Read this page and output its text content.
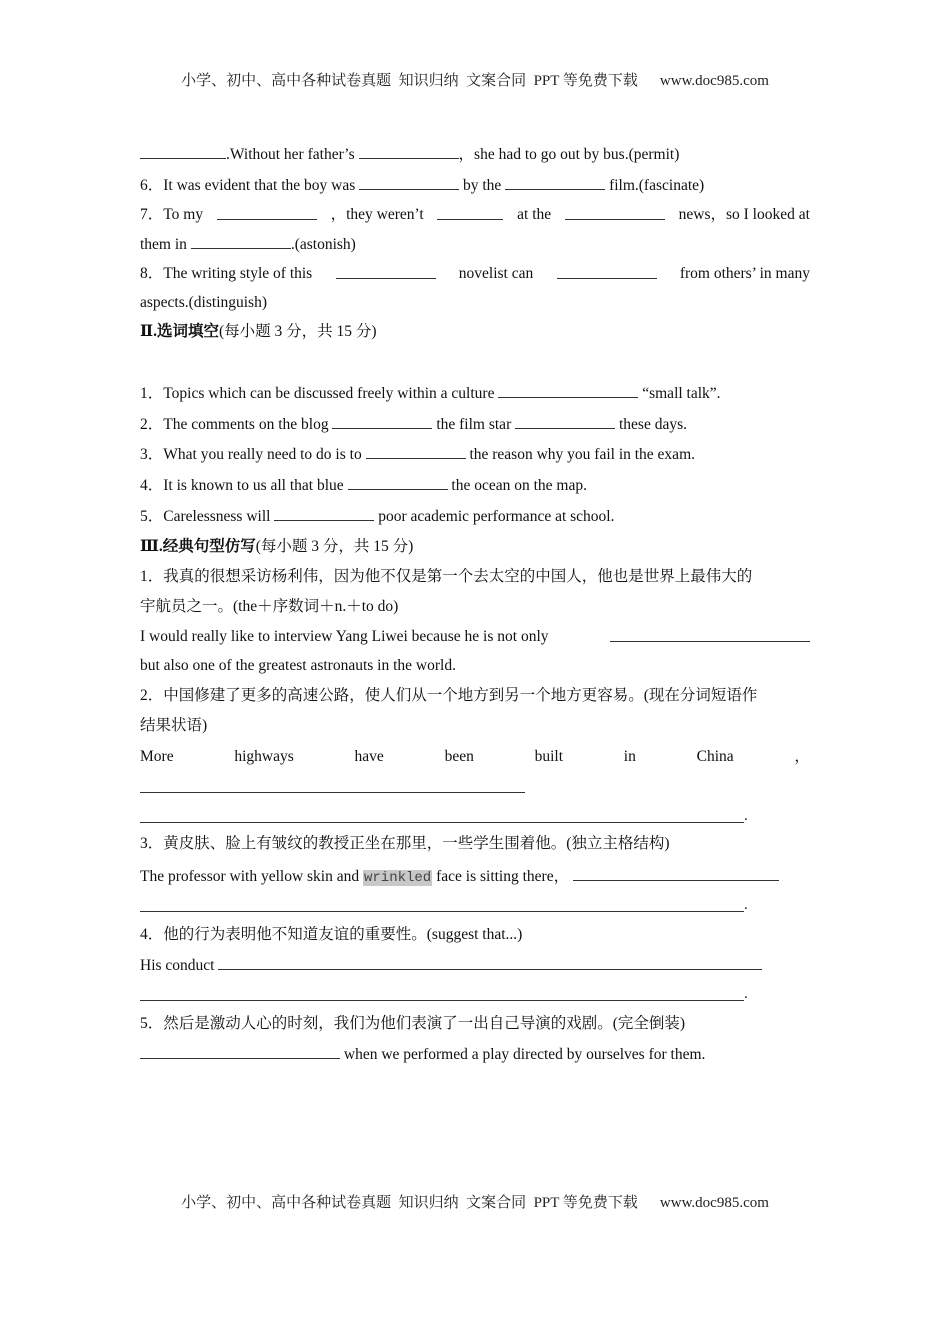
小学、初中、高中各种试卷真题  知识归纳  文案合同  PPT 等免费下载 www.doc985.com
.Without her father’s	，she had to go out by bus.(permit)
6．It was evident that the boy was	by the	film.(fascinate)
7．To my	，they weren’t	at the	news，so I looked at
them in	.(astonish)
8．The writing style of this	novelist can	from others’ in many
aspects.(distinguish)
Ⅱ.选词填空(每小题 3 分，共 15 分)
1．Topics which can be discussed freely within a culture	“small talk”.
2．The comments on the blog	the film star	these days.
3．What you really need to do is to	the reason why you fail in the exam.
4．It is known to us all that blue	the ocean on the map.
5．Carelessness will	poor academic performance at school.
Ⅲ.经典句型仿写(每小题 3 分，共 15 分)
1．我真的很想采访杨利伟，因为他不仅是第一个去太空的中国人，他也是世界上最伟大的
宇航员之一。(the＋序数词＋n.＋to do)
I would really like to interview Yang Liwei because he is not only
but also one of the greatest astronauts in the world.
2．中国修建了更多的高速公路，使人们从一个地方到另一个地方更容易。(现在分词短语作
结果状语)
More	highways	have	been	built	in	China	，
.
3．黄皮肤、脸上有皱纹的教授正坐在那里，一些学生围着他。(独立主格结构)
The professor with yellow skin and wrinkled face is sitting there，
.
4．他的行为表明他不知道友谊的重要性。(suggest that...)
His conduct
.
5．然后是激动人心的时刻，我们为他们表演了一出自己导演的戏剧。(完全倒装)
when we performed a play directed by ourselves for them.
小学、初中、高中各种试卷真题  知识归纳  文案合同  PPT 等免费下载 www.doc985.com
